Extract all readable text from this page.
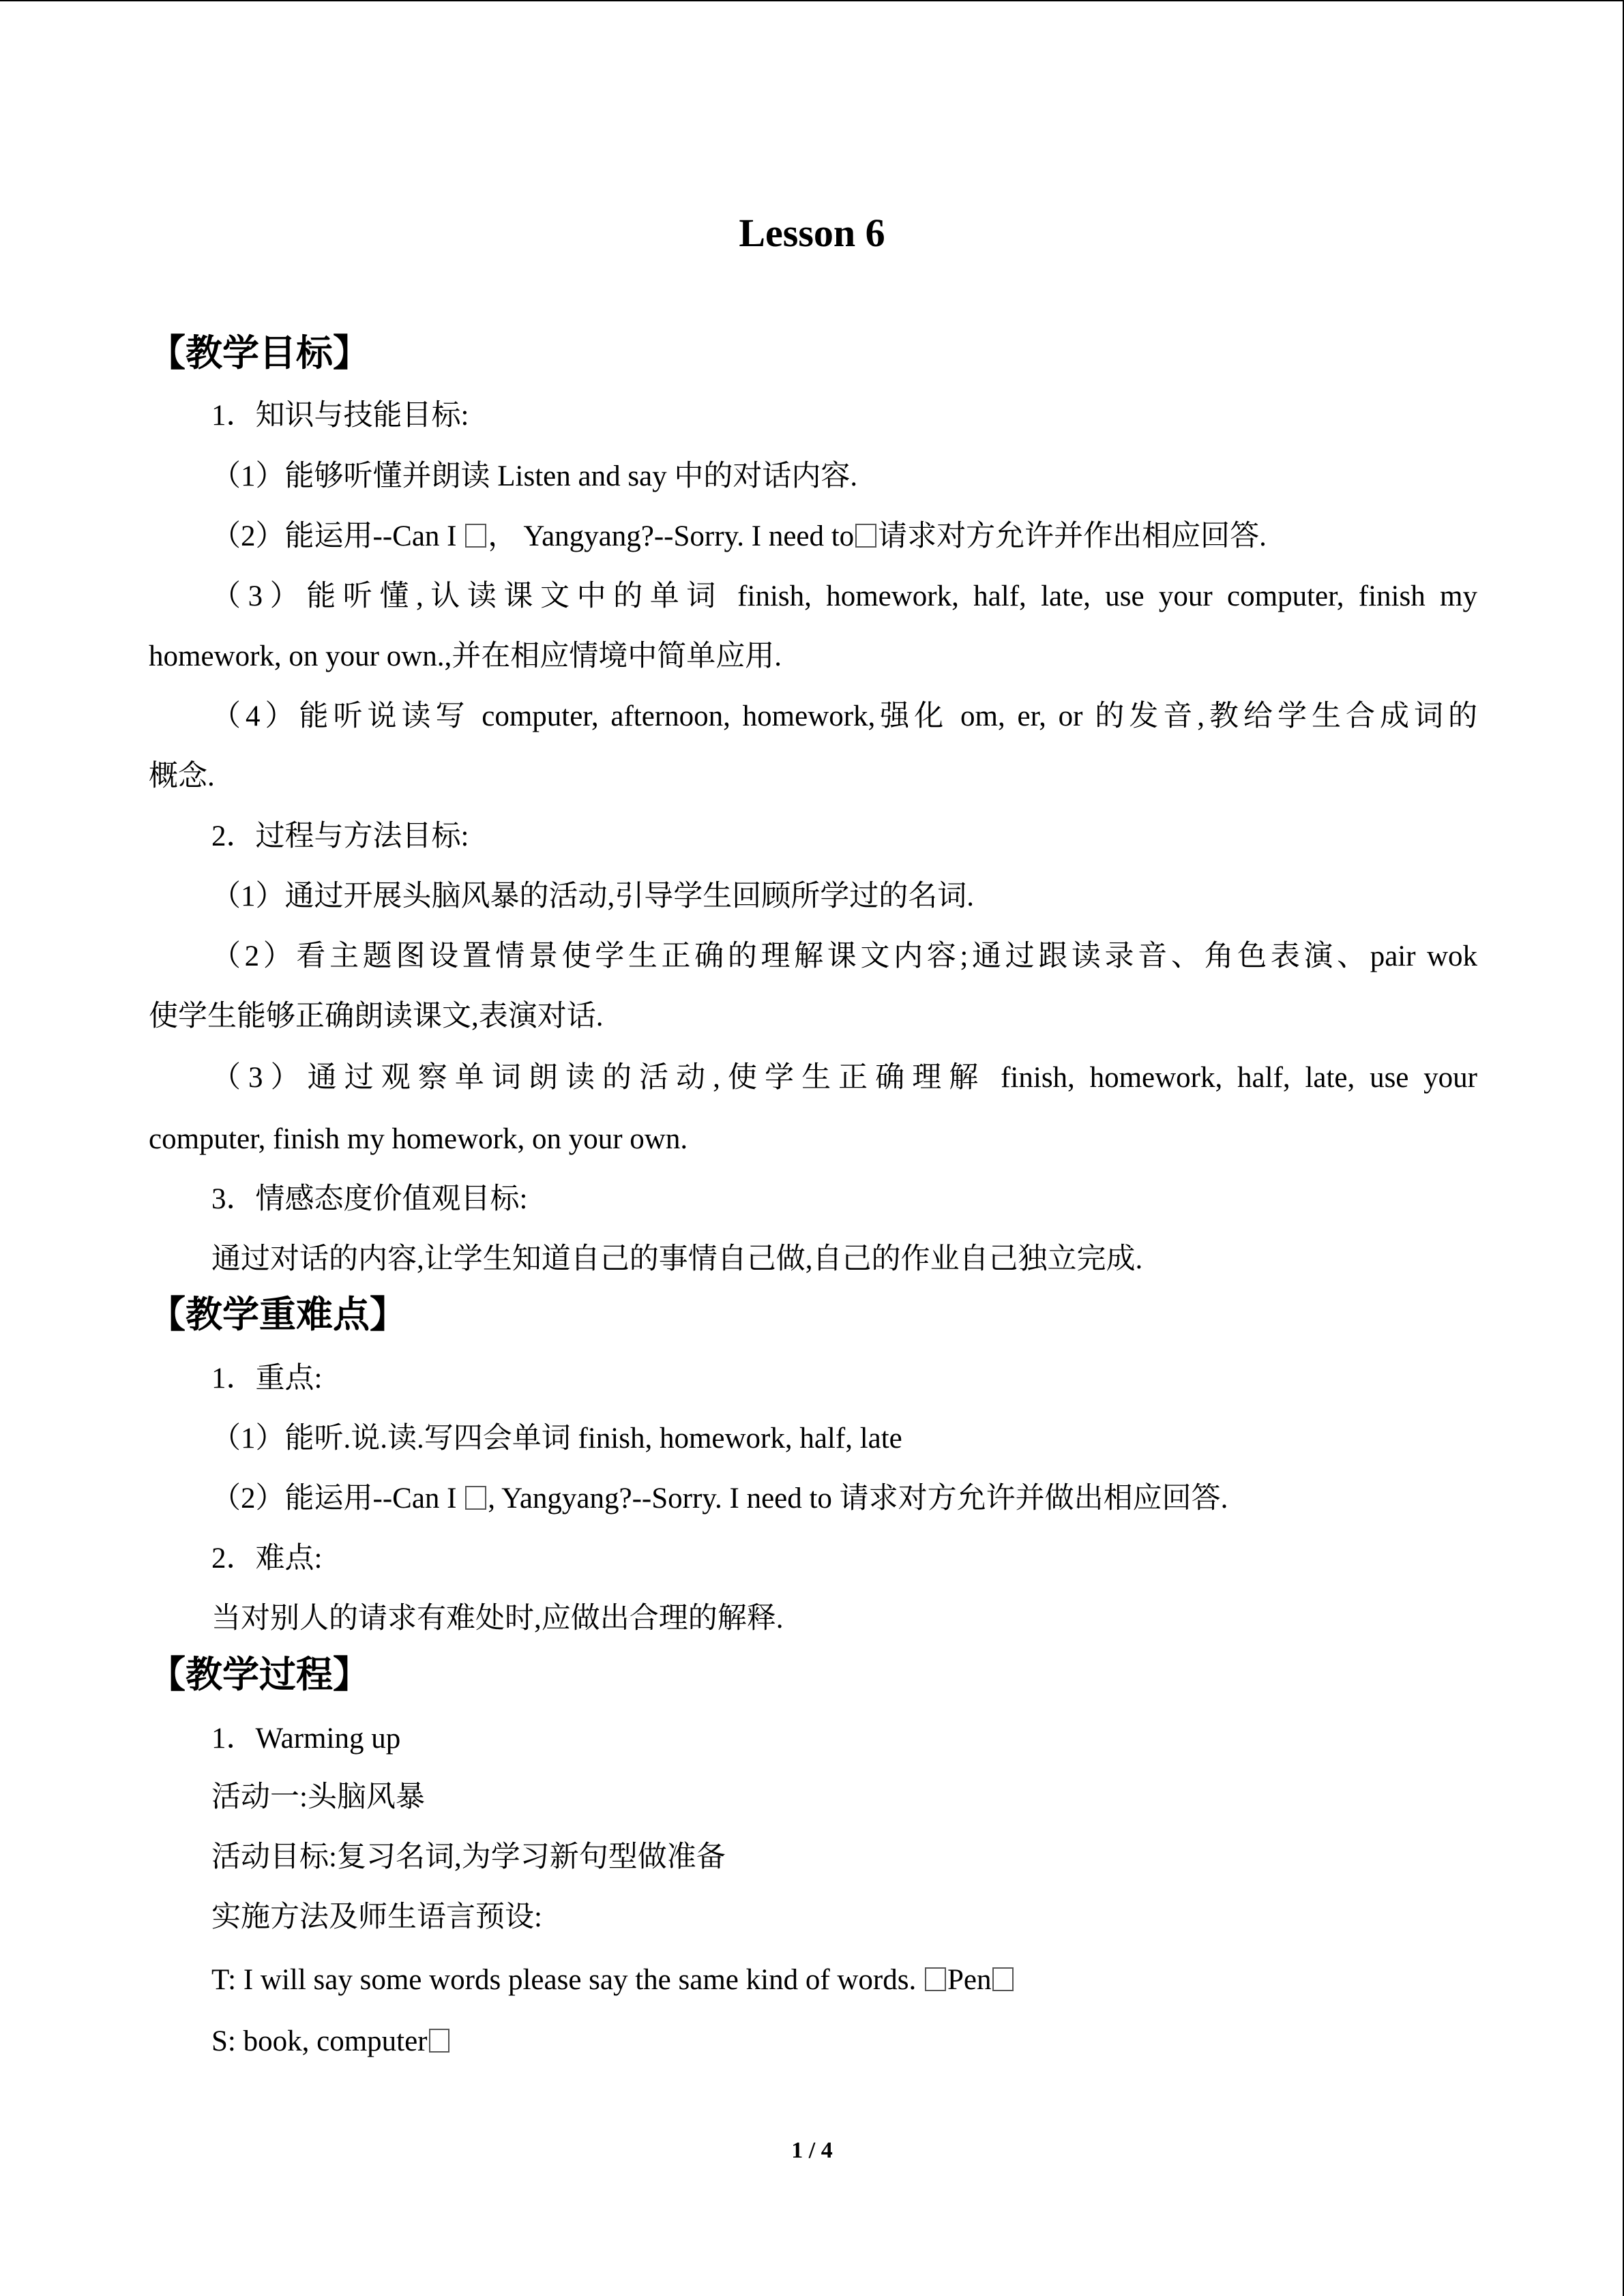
Lesson 6
【教学目标】
1．知识与技能目标:
（1）能够听懂并朗读 Listen and say 中的对话内容.
（2）能运用--Can I ， Yangyang?--Sorry. I need to 请求对方允许并作出相应回答.
（3）能听懂,认读课文中的单词 finish, homework, half, late, use your computer, finish my
homework, on your own.,并在相应情境中简单应用.
（4）能听说读写 computer, afternoon, homework,强化 om, er, or 的发音,教给学生合成词的
概念.
2．过程与方法目标:
（1）通过开展头脑风暴的活动,引导学生回顾所学过的名词.
（2）看主题图设置情景使学生正确的理解课文内容;通过跟读录音、角色表演、pair wok
使学生能够正确朗读课文,表演对话.
（3）通过观察单词朗读的活动,使学生正确理解 finish, homework, half, late, use your
computer, finish my homework, on your own.
3．情感态度价值观目标:
通过对话的内容,让学生知道自己的事情自己做,自己的作业自己独立完成.
【教学重难点】
1．重点:
（1）能听.说.读.写四会单词 finish, homework, half, late
（2）能运用--Can I , Yangyang?--Sorry. I need to 请求对方允许并做出相应回答.
2．难点:
当对别人的请求有难处时,应做出合理的解释.
【教学过程】
1．Warming up
活动一:头脑风暴
活动目标:复习名词,为学习新句型做准备
实施方法及师生语言预设:
T: I will say some words please say the same kind of words. Pen
S: book, computer
1 / 4
